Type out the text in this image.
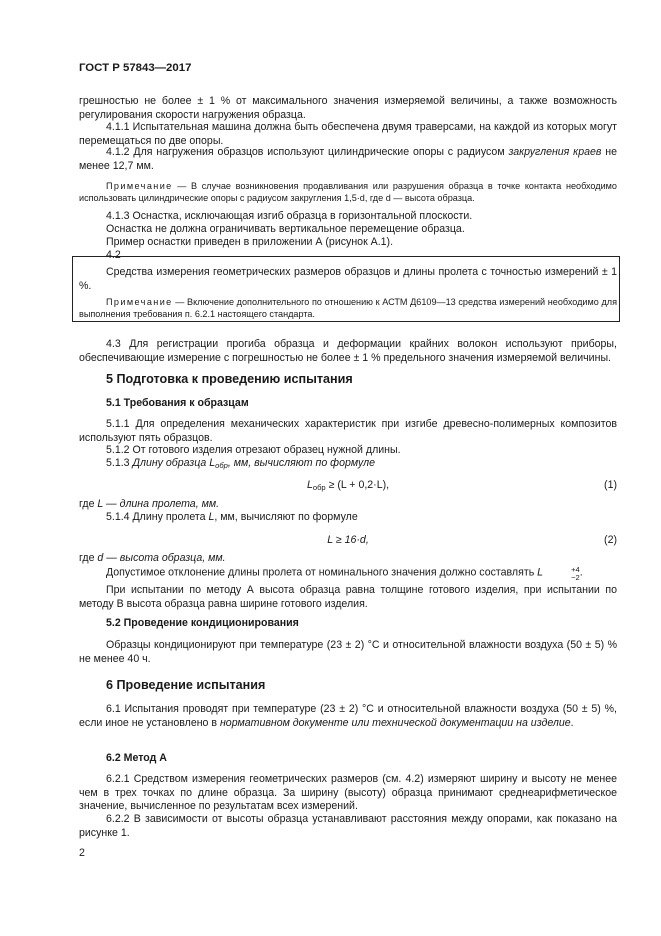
ГОСТ Р 57843—2017
грешностью не более ± 1 % от максимального значения измеряемой величины, а также возможность регулирования скорости нагружения образца.
4.1.1 Испытательная машина должна быть обеспечена двумя траверсами, на каждой из которых могут перемещаться по две опоры.
4.1.2 Для нагружения образцов используют цилиндрические опоры с радиусом закругления краев не менее 12,7 мм.
Примечание — В случае возникновения продавливания или разрушения образца в точке контакта необходимо использовать цилиндрические опоры с радиусом закругления 1,5·d, где d — высота образца.
4.1.3 Оснастка, исключающая изгиб образца в горизонтальной плоскости.
Оснастка не должна ограничивать вертикальное перемещение образца.
Пример оснастки приведен в приложении А (рисунок А.1).
4.2
Средства измерения геометрических размеров образцов и длины пролета с точностью измерений ± 1 %.
Примечание — Включение дополнительного по отношению к АСТМ Д6109—13 средства измерений необходимо для выполнения требования п. 6.2.1 настоящего стандарта.
4.3 Для регистрации прогиба образца и деформации крайних волокон используют приборы, обеспечивающие измерение с погрешностью не более ± 1 % предельного значения измеряемой величины.
5 Подготовка к проведению испытания
5.1 Требования к образцам
5.1.1 Для определения механических характеристик при изгибе древесно-полимерных композитов используют пять образцов.
5.1.2 От готового изделия отрезают образец нужной длины.
5.1.3 Длину образца $L_{обр}$, мм, вычисляют по формуле
$L_{обр} \ge (L + 0,2\cdot L)$,	(1)
где L — длина пролета, мм.
5.1.4 Длину пролета L, мм, вычисляют по формуле
L ≥ 16·d,	(2)
где d — высота образца, мм.
Допустимое отклонение длины пролета от номинального значения должно составлять L	+4
−2 .
При испытании по методу А высота образца равна толщине готового изделия, при испытании по методу В высота образца равна ширине готового изделия.
5.2 Проведение кондиционирования
Образцы кондиционируют при температуре (23 ± 2) °С и относительной влажности воздуха (50 ± 5) % не менее 40 ч.
6 Проведение испытания
6.1 Испытания проводят при температуре (23 ± 2) °С и относительной влажности воздуха (50 ± 5) %, если иное не установлено в нормативном документе или технической документации на изделие.
6.2 Метод А
6.2.1 Средством измерения геометрических размеров (см. 4.2) измеряют ширину и высоту не менее чем в трех точках по длине образца. За ширину (высоту) образца принимают среднеарифметическое значение, вычисленное по результатам всех измерений.
6.2.2 В зависимости от высоты образца устанавливают расстояния между опорами, как показано на рисунке 1.
2
